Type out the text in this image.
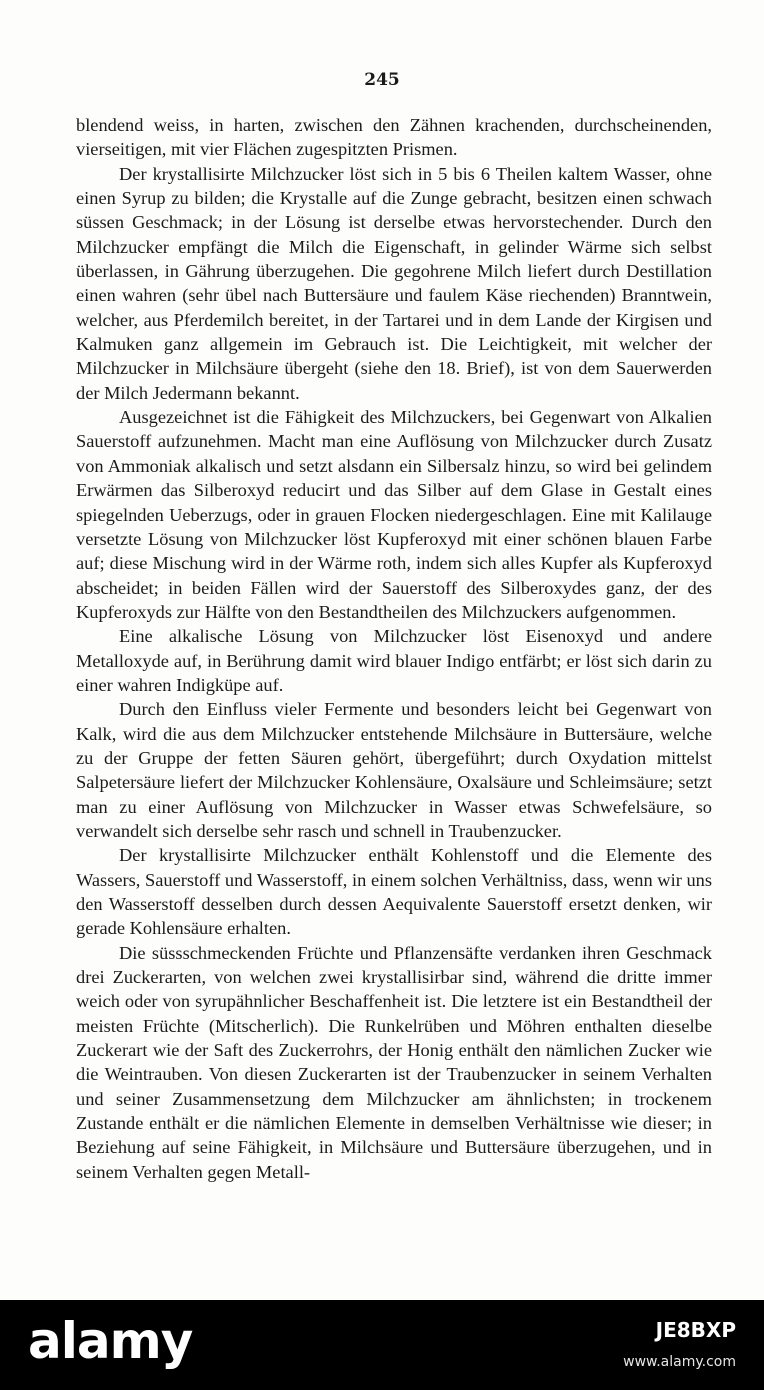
245

blendend weiss, in harten, zwischen den Zähnen krachenden, durchscheinenden, vierseitigen, mit vier Flächen zugespitzten Prismen.

Der krystallisirte Milchzucker löst sich in 5 bis 6 Theilen kaltem Wasser, ohne einen Syrup zu bilden; die Krystalle auf die Zunge gebracht, besitzen einen schwach süssen Geschmack; in der Lösung ist derselbe etwas hervorstechender. Durch den Milchzucker empfängt die Milch die Eigenschaft, in gelinder Wärme sich selbst überlassen, in Gährung überzugehen. Die gegohrene Milch liefert durch Destillation einen wahren (sehr übel nach Buttersäure und faulem Käse riechenden) Branntwein, welcher, aus Pferdemilch bereitet, in der Tartarei und in dem Lande der Kirgisen und Kalmuken ganz allgemein im Gebrauch ist. Die Leichtigkeit, mit welcher der Milchzucker in Milchsäure übergeht (siehe den 18. Brief), ist von dem Sauerwerden der Milch Jedermann bekannt.

Ausgezeichnet ist die Fähigkeit des Milchzuckers, bei Gegenwart von Alkalien Sauerstoff aufzunehmen. Macht man eine Auflösung von Milchzucker durch Zusatz von Ammoniak alkalisch und setzt alsdann ein Silbersalz hinzu, so wird bei gelindem Erwärmen das Silberoxyd reducirt und das Silber auf dem Glase in Gestalt eines spiegelnden Ueberzugs, oder in grauen Flocken niedergeschlagen. Eine mit Kalilauge versetzte Lösung von Milchzucker löst Kupferoxyd mit einer schönen blauen Farbe auf; diese Mischung wird in der Wärme roth, indem sich alles Kupfer als Kupferoxyd abscheidet; in beiden Fällen wird der Sauerstoff des Silberoxydes ganz, der des Kupferoxyds zur Hälfte von den Bestandtheilen des Milchzuckers aufgenommen.

Eine alkalische Lösung von Milchzucker löst Eisenoxyd und andere Metalloxyde auf, in Berührung damit wird blauer Indigo entfärbt; er löst sich darin zu einer wahren Indigküpe auf.

Durch den Einfluss vieler Fermente und besonders leicht bei Gegenwart von Kalk, wird die aus dem Milchzucker entstehende Milchsäure in Buttersäure, welche zu der Gruppe der fetten Säuren gehört, übergeführt; durch Oxydation mittelst Salpetersäure liefert der Milchzucker Kohlensäure, Oxalsäure und Schleimsäure; setzt man zu einer Auflösung von Milchzucker in Wasser etwas Schwefelsäure, so verwandelt sich derselbe sehr rasch und schnell in Traubenzucker.

Der krystallisirte Milchzucker enthält Kohlenstoff und die Elemente des Wassers, Sauerstoff und Wasserstoff, in einem solchen Verhältniss, dass, wenn wir uns den Wasserstoff desselben durch dessen Aequivalente Sauerstoff ersetzt denken, wir gerade Kohlensäure erhalten.

Die süssschmeckenden Früchte und Pflanzensäfte verdanken ihren Geschmack drei Zuckerarten, von welchen zwei krystallisirbar sind, während die dritte immer weich oder von syrupähnlicher Beschaffenheit ist. Die letztere ist ein Bestandtheil der meisten Früchte (Mitscherlich). Die Runkelrüben und Möhren enthalten dieselbe Zuckerart wie der Saft des Zuckerrohrs, der Honig enthält den nämlichen Zucker wie die Weintrauben. Von diesen Zuckerarten ist der Traubenzucker in seinem Verhalten und seiner Zusammensetzung dem Milchzucker am ähnlichsten; in trockenem Zustande enthält er die nämlichen Elemente in demselben Verhältnisse wie dieser; in Beziehung auf seine Fähigkeit, in Milchsäure und Buttersäure überzugehen, und in seinem Verhalten gegen Metall-

alamy	JE8BXP
www.alamy.com
